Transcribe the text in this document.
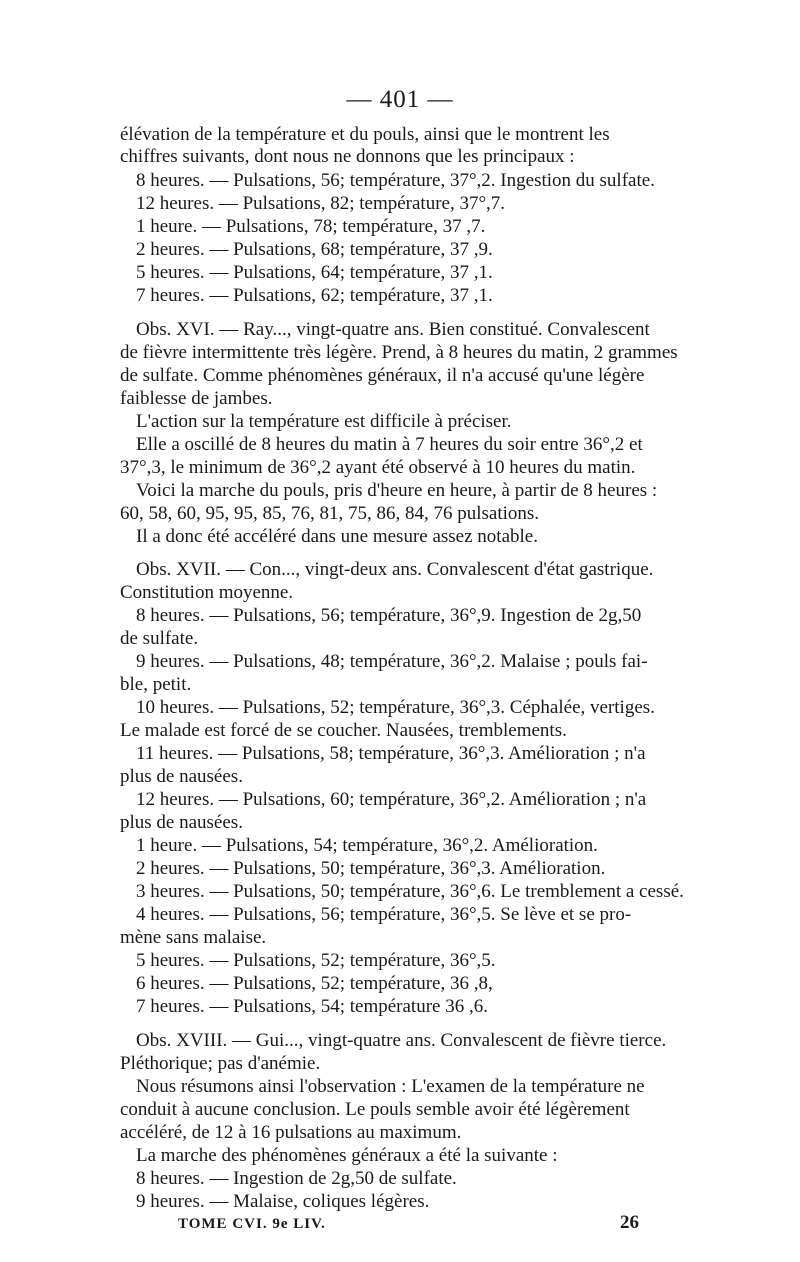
— 401 —
élévation de la température et du pouls, ainsi que le montrent les
chiffres suivants, dont nous ne donnons que les principaux :
8 heures. — Pulsations, 56; température, 37°,2. Ingestion du sulfate.
12 heures. — Pulsations, 82; température, 37°,7.
1 heure. — Pulsations, 78; température, 37 ,7.
2 heures. — Pulsations, 68; température, 37 ,9.
5 heures. — Pulsations, 64; température, 37 ,1.
7 heures. — Pulsations, 62; température, 37 ,1.
Obs. XVI. — Ray..., vingt-quatre ans. Bien constitué. Convalescent
de fièvre intermittente très légère. Prend, à 8 heures du matin, 2 grammes
de sulfate. Comme phénomènes généraux, il n'a accusé qu'une légère
faiblesse de jambes.
L'action sur la température est difficile à préciser.
Elle a oscillé de 8 heures du matin à 7 heures du soir entre 36°,2 et
37°,3, le minimum de 36°,2 ayant été observé à 10 heures du matin.
Voici la marche du pouls, pris d'heure en heure, à partir de 8 heures :
60, 58, 60, 95, 95, 85, 76, 81, 75, 86, 84, 76 pulsations.
Il a donc été accéléré dans une mesure assez notable.
Obs. XVII. — Con..., vingt-deux ans. Convalescent d'état gastrique.
Constitution moyenne.
8 heures. — Pulsations, 56; température, 36°,9. Ingestion de 2g,50
de sulfate.
9 heures. — Pulsations, 48; température, 36°,2. Malaise ; pouls fai-
ble, petit.
10 heures. — Pulsations, 52; température, 36°,3. Céphalée, vertiges.
Le malade est forcé de se coucher. Nausées, tremblements.
11 heures. — Pulsations, 58; température, 36°,3. Amélioration ; n'a
plus de nausées.
12 heures. — Pulsations, 60; température, 36°,2. Amélioration ; n'a
plus de nausées.
1 heure. — Pulsations, 54; température, 36°,2. Amélioration.
2 heures. — Pulsations, 50; température, 36°,3. Amélioration.
3 heures. — Pulsations, 50; température, 36°,6. Le tremblement a cessé.
4 heures. — Pulsations, 56; température, 36°,5. Se lève et se pro-
mène sans malaise.
5 heures. — Pulsations, 52; température, 36°,5.
6 heures. — Pulsations, 52; température, 36 ,8,
7 heures. — Pulsations, 54; température 36 ,6.
Obs. XVIII. — Gui..., vingt-quatre ans. Convalescent de fièvre tierce.
Pléthorique; pas d'anémie.
Nous résumons ainsi l'observation : L'examen de la température ne
conduit à aucune conclusion. Le pouls semble avoir été légèrement
accéléré, de 12 à 16 pulsations au maximum.
La marche des phénomènes généraux a été la suivante :
8 heures. — Ingestion de 2g,50 de sulfate.
9 heures. — Malaise, coliques légères.
TOME CVI. 9e LIV.	26
